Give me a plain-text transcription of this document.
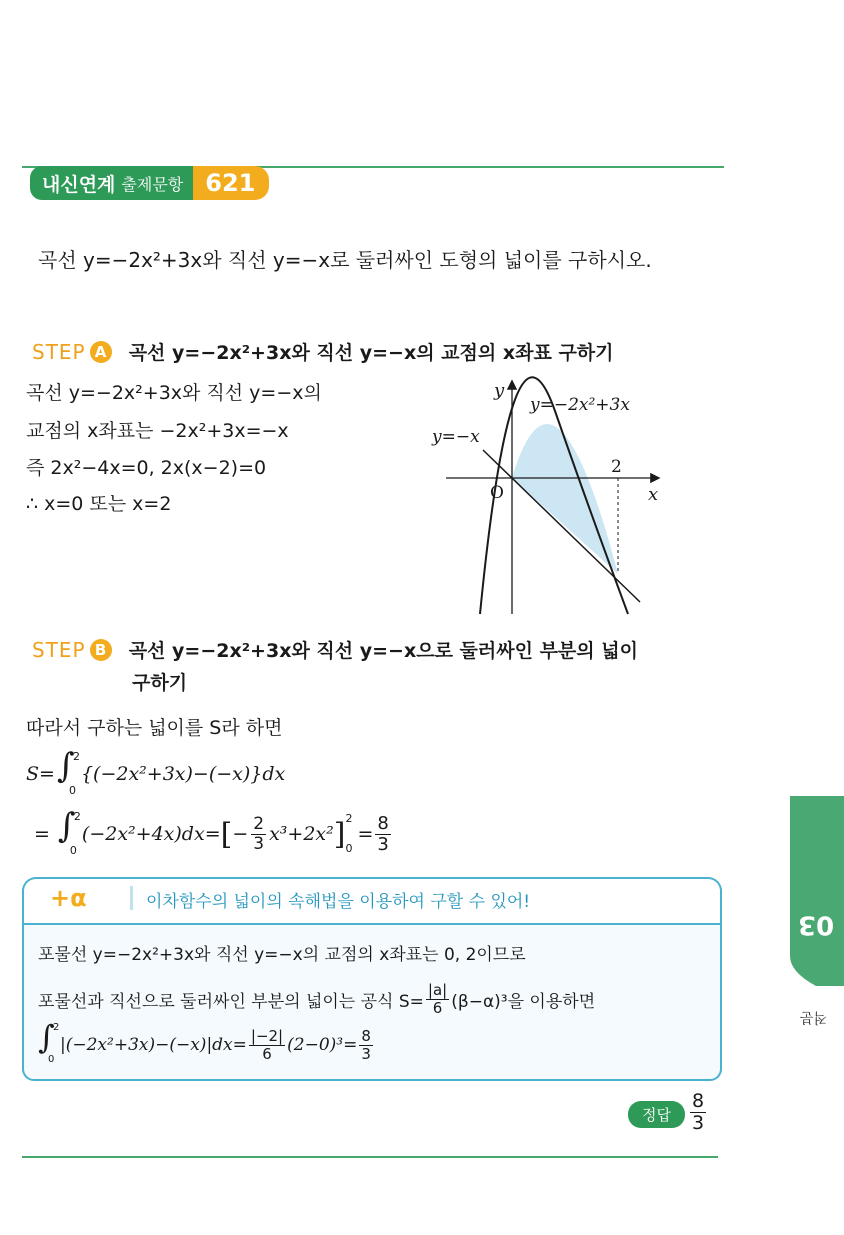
내신연계 출제문항 621
곡선 y=−2x²+3x와 직선 y=−x로 둘러싸인 도형의 넓이를 구하시오.
STEP A 곡선 y=−2x²+3x와 직선 y=−x의 교점의 x좌표 구하기
곡선 y=−2x²+3x와 직선 y=−x의
교점의 x좌표는 −2x²+3x=−x
즉 2x²−4x=0, 2x(x−2)=0
∴ x=0 또는 x=2
y
x
O
2
y=−2x²+3x
y=−x
STEP B 곡선 y=−2x²+3x와 직선 y=−x으로 둘러싸인 부분의 넓이
구하기
따라서 구하는 넓이를 S라 하면
S= ∫
2
0
{(−2x²+3x)−(−x)}dx
= ∫
2
0
(−2x²+4x)dx= [ − $\frac{2}{3} x^3+2x^2$ ] 2
0
= $\frac{8}{3}$
+α	이차함수의 넓이의 속해법을 이용하여 구할 수 있어!
포물선 y=−2x²+3x와 직선 y=−x의 교점의 x좌표는 0, 2이므로
포물선과 직선으로 둘러싸인 부분의 넓이는 공식 $S= \frac{|a|}{6} (\beta-\alpha)^3$을 이용하면
∫
2
0
$|(-2x^2+3x)-(-x)|dx= \frac{|-2|}{6} (2-0)^3= \frac{8}{3}$
정답	$\frac{8}{3}$
03
적분
